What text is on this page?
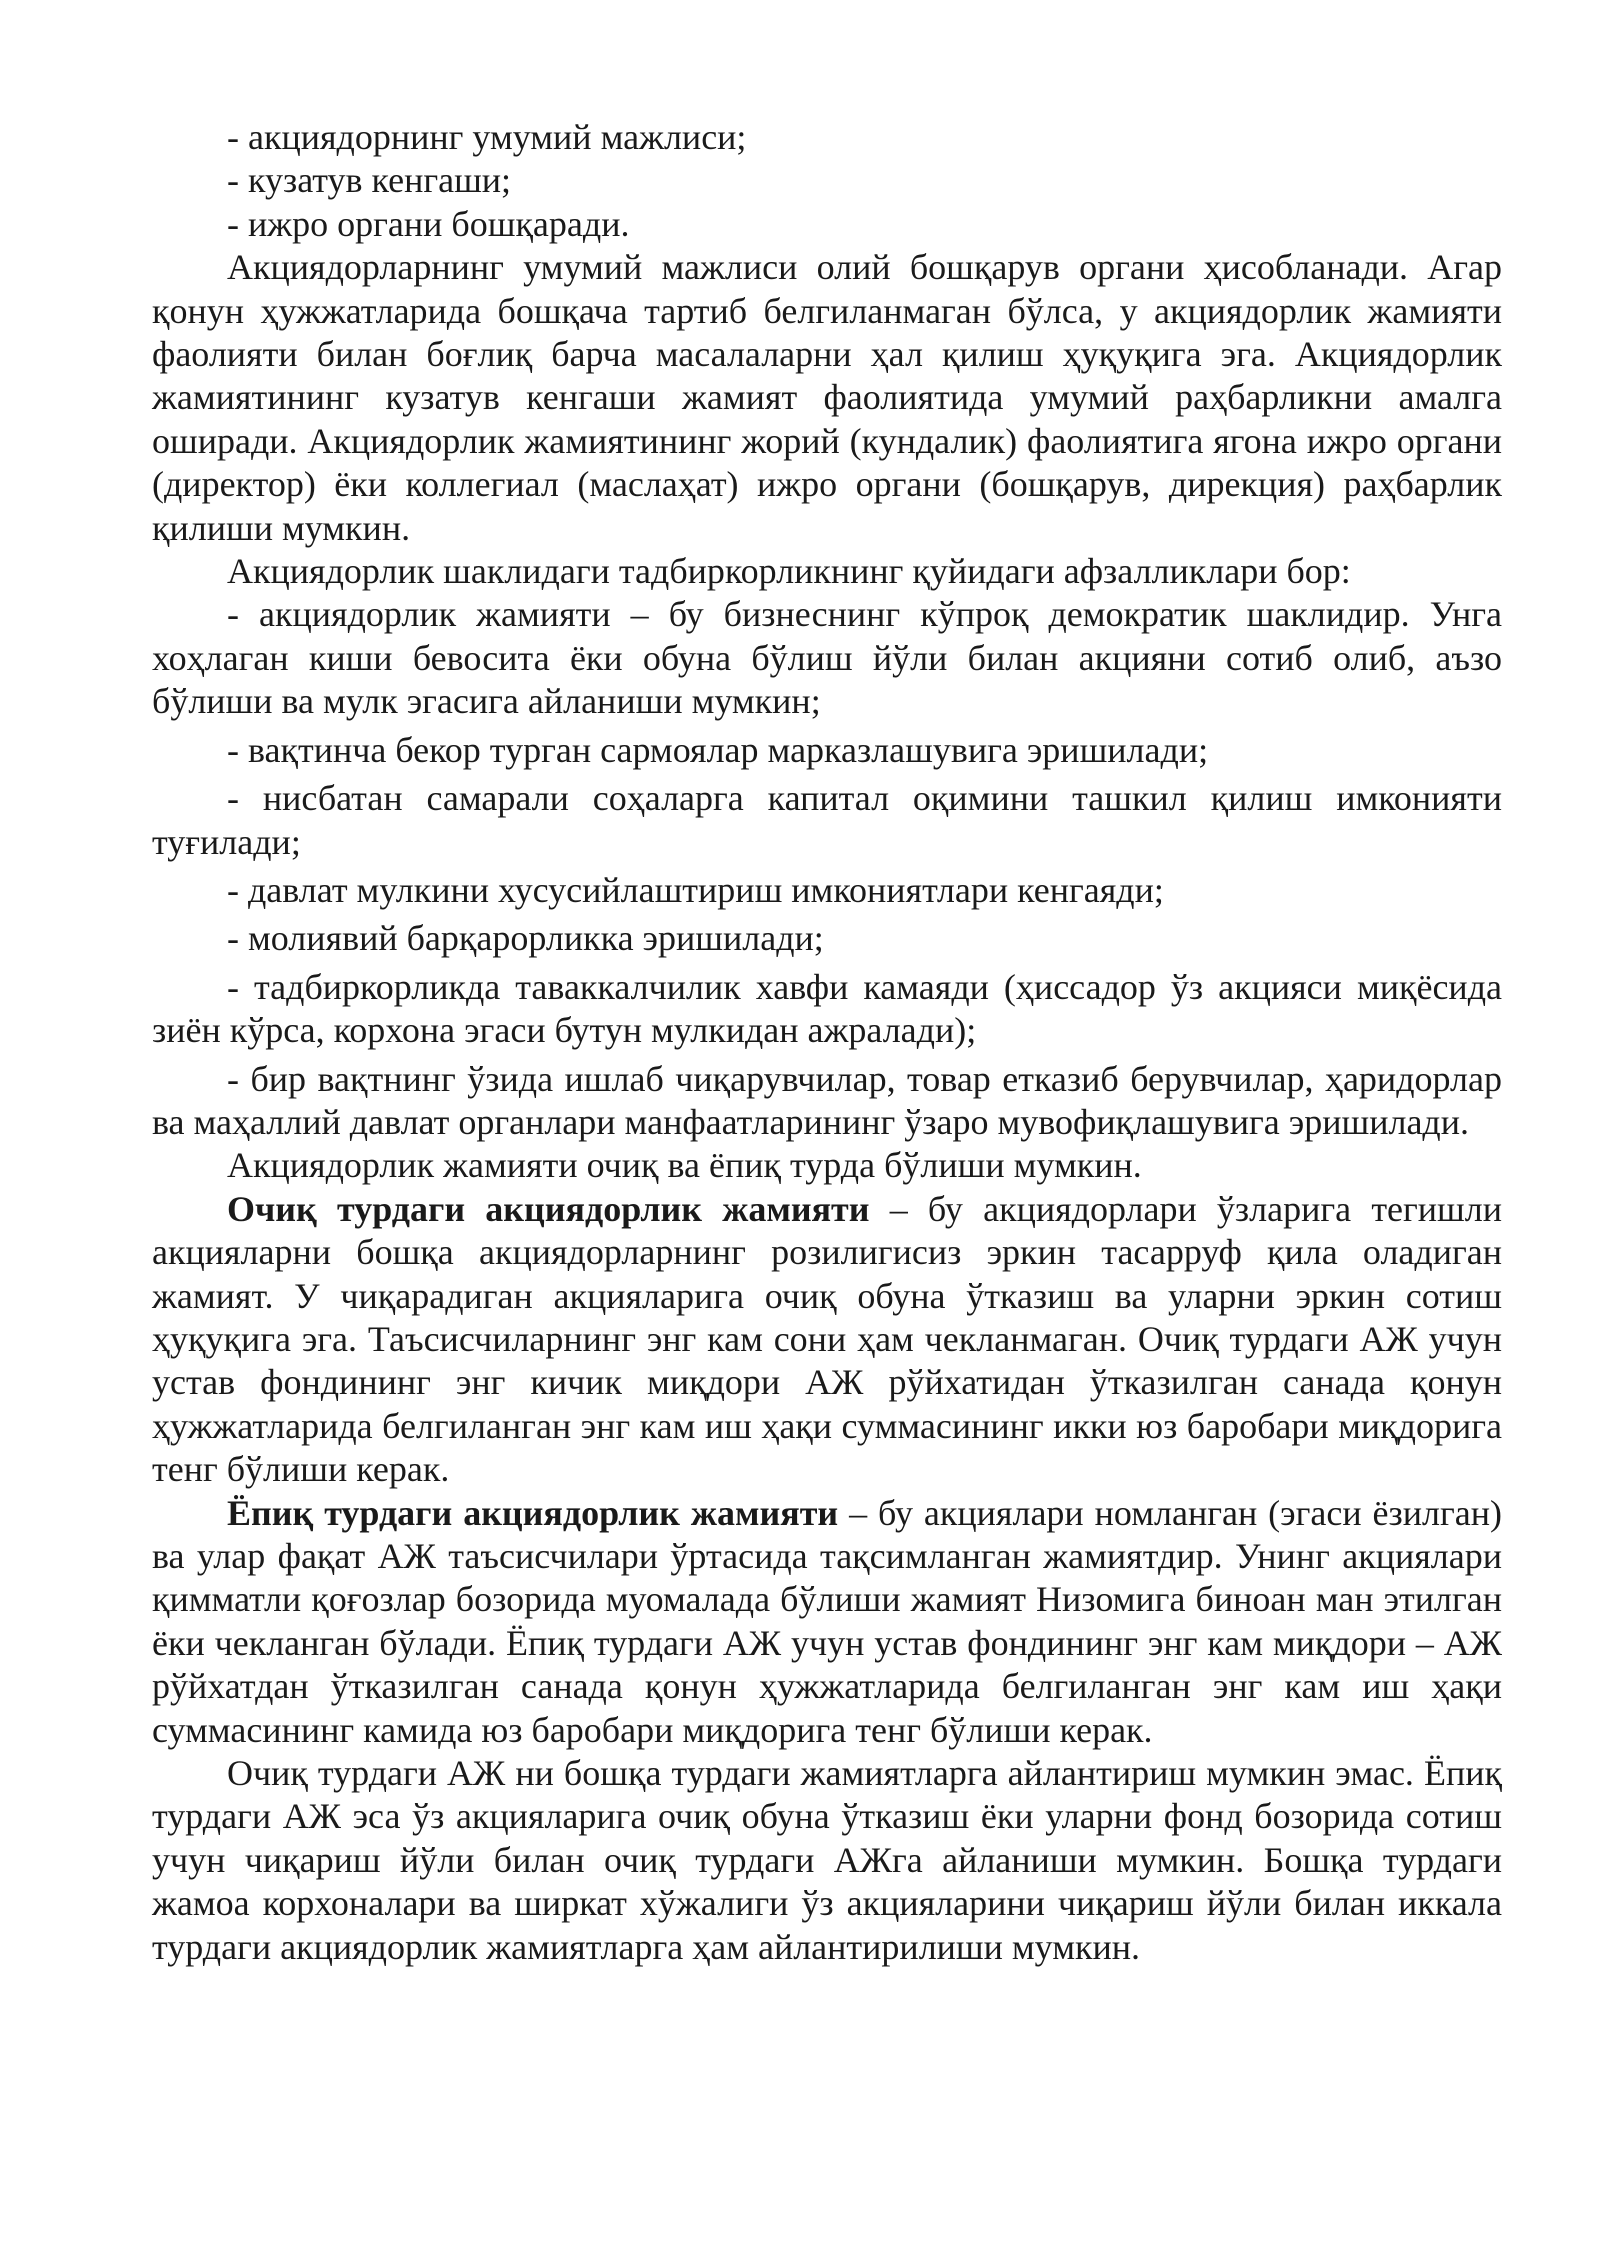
- акциядорнинг умумий мажлиси;

- кузатув кенгаши;

- ижро органи бошқаради.

Акциядорларнинг умумий мажлиси олий бошқарув органи ҳисобланади. Агар қонун ҳужжатларида бошқача тартиб белгиланмаган бўлса, у акциядорлик жамияти фаолияти билан боғлиқ барча масалаларни ҳал қилиш ҳуқуқига эга. Акциядорлик жамиятининг кузатув кенгаши жамият фаолиятида умумий раҳбарликни амалга оширади. Акциядорлик жамиятининг жорий (кундалик) фаолиятига ягона ижро органи (директор) ёки коллегиал (маслаҳат) ижро органи (бошқарув, дирекция) раҳбарлик қилиши мумкин.

Акциядорлик шаклидаги тадбиркорликнинг қуйидаги афзалликлари бор:

- акциядорлик жамияти – бу бизнеснинг кўпроқ демократик шаклидир. Унга хоҳлаган киши бевосита ёки обуна бўлиш йўли билан акцияни сотиб олиб, аъзо бўлиши ва мулк эгасига айланиши мумкин;

- вақтинча бекор турган сармоялар марказлашувига эришилади;

- нисбатан самарали соҳаларга капитал оқимини ташкил қилиш имконияти туғилади;

- давлат мулкини хусусийлаштириш имкониятлари кенгаяди;

- молиявий барқарорликка эришилади;

- тадбиркорликда таваккалчилик хавфи камаяди (ҳиссадор ўз акцияси миқёсида зиён кўрса, корхона эгаси бутун мулкидан ажралади);

- бир вақтнинг ўзида ишлаб чиқарувчилар, товар етказиб берувчилар, ҳаридорлар ва маҳаллий давлат органлари манфаатларининг ўзаро мувофиқлашувига эришилади.

Акциядорлик жамияти очиқ ва ёпиқ турда бўлиши мумкин.

Очиқ турдаги акциядорлик жамияти – бу акциядорлари ўзларига тегишли акцияларни бошқа акциядорларнинг розилигисиз эркин тасарруф қила оладиган жамият. У чиқарадиган акцияларига очиқ обуна ўтказиш ва уларни эркин сотиш ҳуқуқига эга. Таъсисчиларнинг энг кам сони ҳам чекланмаган. Очиқ турдаги АЖ учун устав фондининг энг кичик миқдори АЖ рўйхатидан ўтказилган санада қонун ҳужжатларида белгиланган энг кам иш ҳақи суммасининг икки юз баробари миқдорига тенг бўлиши керак.

Ёпиқ турдаги акциядорлик жамияти – бу акциялари номланган (эгаси ёзилган) ва улар фақат АЖ таъсисчилари ўртасида тақсимланган жамиятдир. Унинг акциялари қимматли қоғозлар бозорида муомалада бўлиши жамият Низомига биноан ман этилган ёки чекланган бўлади. Ёпиқ турдаги АЖ учун устав фондининг энг кам миқдори – АЖ рўйхатдан ўтказилган санада қонун ҳужжатларида белгиланган энг кам иш ҳақи суммасининг камида юз баробари миқдорига тенг бўлиши керак.

Очиқ турдаги АЖ ни бошқа турдаги жамиятларга айлантириш мумкин эмас. Ёпиқ турдаги АЖ эса ўз акцияларига очиқ обуна ўтказиш ёки уларни фонд бозорида сотиш учун чиқариш йўли билан очиқ турдаги АЖга айланиши мумкин. Бошқа турдаги жамоа корхоналари ва ширкат хўжалиги ўз акцияларини чиқариш йўли билан иккала турдаги акциядорлик жамиятларга ҳам айлантирилиши мумкин.
